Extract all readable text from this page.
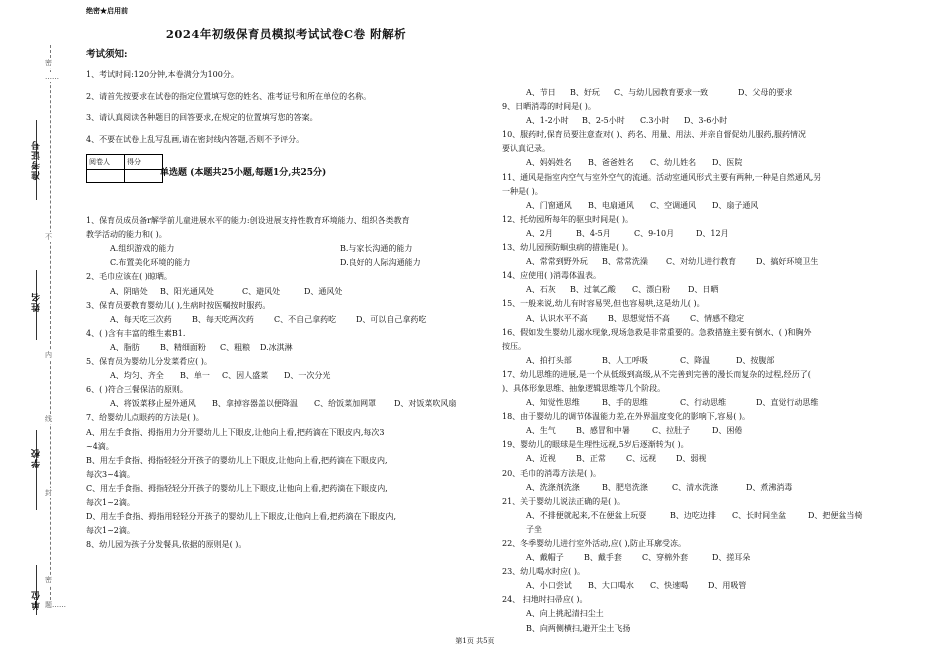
准考证号
姓名
学校
单位
密
不
内
线
封
密
……
题……

绝密★启用前

2024年初级保育员模拟考试试卷C卷 附解析

考试须知:

1、考试时间:120分钟,本卷满分为100分。

2、请首先按要求在试卷的指定位置填写您的姓名、准考证号和所在单位的名称。

3、请认真阅读各种题目的回答要求,在规定的位置填写您的答案。

4、不要在试卷上乱写乱画,请在密封线内答题,否则不予评分。

阅卷人	得分

单选题 (本题共25小题,每题1分,共25分)

1、保育员成员备r解学前儿童进展水平的能力:创设进展支持性教育环境能力、组织各类教育

教学活动的能力和( )。

A.组织游戏的能力	B.与家长沟通的能力

C.布置美化环境的能力	D.良好的人际沟通能力

2、毛巾应该在( )晾晒。

A、阴暗处 B、阳光通风处	C、避风处	D、通风处

3、保育员要教育婴幼儿( ),生病时按医嘱按时服药。

A、每天吃三次药	B、每天吃两次药	C、不自己拿药吃 D、可以自己拿药吃

4、( )含有丰富的维生素B1.

A、脂肪	B、精细面粉 C、粗粮 D.冰淇淋

5、保育员为婴幼儿分发菜肴应( )。

A、均匀、齐全 B、单一 C、因人盛菜 D、一次分光

6、( )符合三餐保洁的原则。

A、将饭菜移止屋外通风 B、拿掉容器盖以便降温 C、给饭菜加网罩 D、对饭菜吹风扇

7、给婴幼儿点眼药的方法是( )。

A、用左手食指、拇指用力分开婴幼儿上下眼皮,让他向上看,把药滴在下眼皮内,每次3

~4滴。

B、用左手食指、拇指轻轻分开孩子的婴幼儿上下眼皮,让他向上看,把药滴在下眼皮内,

每次3~4滴。

C、用左手食指、拇指轻轻分开孩子的婴幼儿上下眼皮,让他向上看,把药滴在下眼皮内,

每次1~2滴。

D、用左手食指、拇指用轻轻分开孩子的婴幼儿上下眼皮,让他向上看,把药滴在下眼皮内,

每次1~2滴。

8、幼儿园为孩子分发餐具,依据的原则是( )。

A、节日 B、好玩 C、与幼儿园教育要求一致	D、父母的要求

9、日晒消毒的时间是( )。

A、1-2小时 B、2-5小时 C.3小时 D、3-6小时

10、服药时,保育员要注意查对( )、药名、用量、用法、并亲自督促幼儿服药,服药情况

要认真记录。

A、妈妈姓名 B、爸爸姓名 C、幼儿姓名 D、医院

11、通风是指室内空气与室外空气的流通。活动室通风形式主要有两种,一种是自然通风,另

一种是( )。

A、门窗通风 B、电扇通风 C、空调通风 D、扇子通风

12、托幼园所每年的驱虫时间是( )。

A、2月	B、4-5月	C、9-10月	D、12月

13、幼儿园预防蛔虫病的措施是( )。

A、常常到野外玩 B、常常洗澡 C、对幼儿进行教育 D、搞好环境卫生

14、应使用( )消毒体温表。

A、石灰 B、过氧乙酸 C、漂白粉 D、日晒

15、一般来说,幼儿有时容易哭,但也容易哄,这是幼儿( )。

A、认识水平不高	B、思想觉悟不高	C、情感不稳定

16、假如发生婴幼儿溺水现象,现场急救是非常重要的。急救措施主要有倒水、( )和胸外

按压。

A、拍打头部	B、人工呼吸	C、降温	D、按腹部

17、幼儿思维的进展,是一个从低级到高级,从不完善到完善的漫长而复杂的过程,经历了(

)、具体形象思维、抽象逻辑思维等几个阶段。

A、知觉性思维	B、手的思维	C、行动思维	D、直觉行动思维

18、由于婴幼儿的调节体温能力差,在外界温度变化的影响下,容易( )。

A、生气	B、感冒和中暑	C、拉肚子	D、困倦

19、婴幼儿的眼球是生理性远视,5岁后逐渐转为( )。

A、近视	B、正常	C、远视 D、弱视

20、毛巾的消毒方法是( )。

A、洗涤剂洗涤	B、肥皂洗涤	C、清水洗涤	D、煮沸消毒

21、关于婴幼儿说法正确的是( )。

A、不排便就起来,不在便盆上玩耍	B、边吃边排 C、长时间坐盆	D、把便盆当椅

子坐

22、冬季婴幼儿进行室外活动,应( ),防止耳廓受冻。

A、戴帽子	B、戴手套	C、穿棉外套	D、搓耳朵

23、幼儿喝水时应( )。

A、小口尝试 B、大口喝水 C、快速喝 D、用吸管

24、 扫地时扫帚应( )。

A、向上挑起清扫尘土

B、向两侧横扫,避开尘土飞扬

第1页 共5页
